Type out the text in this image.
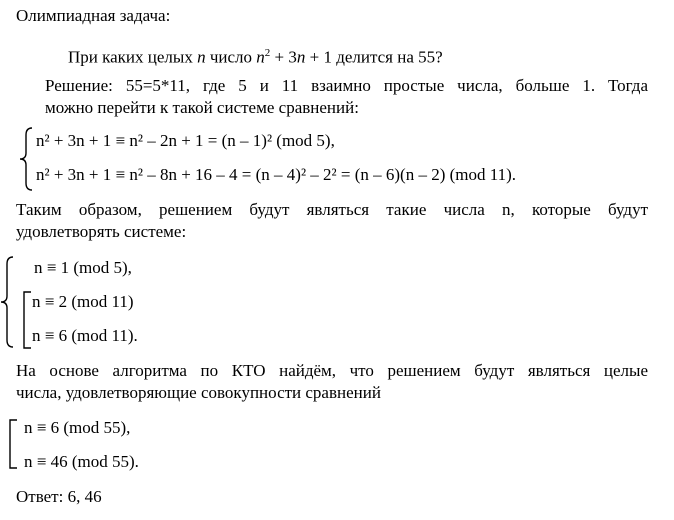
Олимпиадная задача:
При каких целых n число $n^2 + 3n + 1$ делится на 55?
Решение: 55=5*11, где 5 и 11 взаимно простые числа, больше 1. Тогда
можно перейти к такой системе сравнений:
n² + 3n + 1 ≡ n² – 2n + 1 = (n – 1)² (mod 5),
n² + 3n + 1 ≡ n² – 8n + 16 – 4 = (n – 4)² – 2² = (n – 6)(n – 2) (mod 11).
Таким образом, решением будут являться такие числа n, которые будут
удовлетворять системе:
n ≡ 1 (mod 5),
n ≡ 2 (mod 11)
n ≡ 6 (mod 11).
На основе алгоритма по КТО найдём, что решением будут являться целые
числа, удовлетворяющие совокупности сравнений
n ≡ 6 (mod 55),
n ≡ 46 (mod 55).
Ответ: 6, 46
